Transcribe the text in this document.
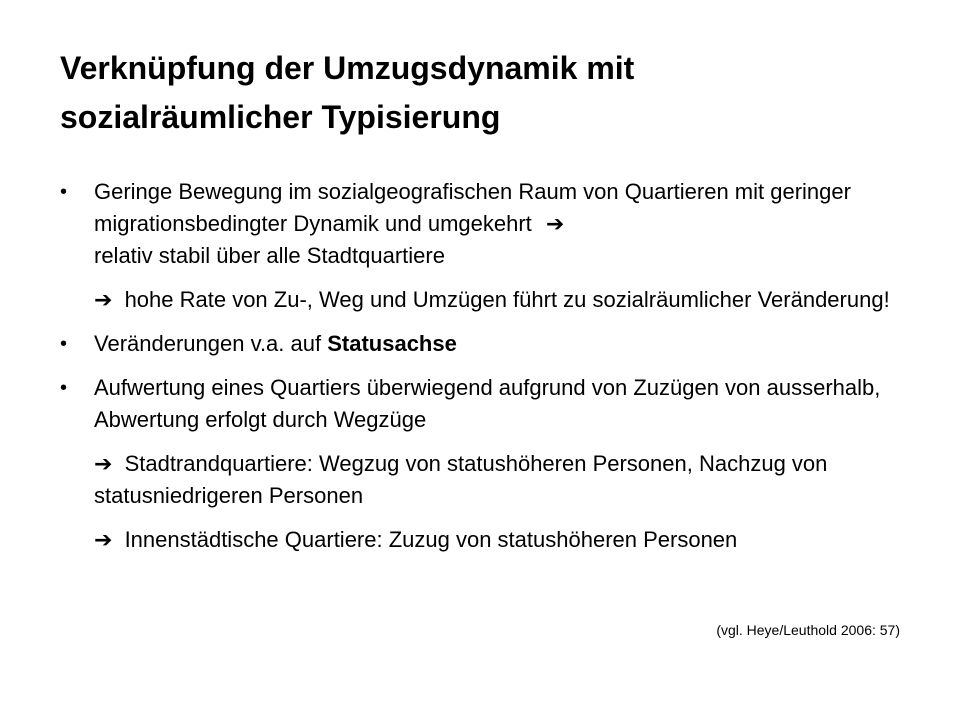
Verknüpfung der Umzugsdynamik mit
sozialräumlicher Typisierung
•	Geringe Bewegung im sozialgeografischen Raum von Quartieren mit geringer migrationsbedingter Dynamik und umgekehrt ➔
relativ stabil über alle Stadtquartiere
➔ hohe Rate von Zu-, Weg und Umzügen führt zu sozialräumlicher Veränderung!
•	Veränderungen v.a. auf Statusachse
•	Aufwertung eines Quartiers überwiegend aufgrund von Zuzügen von ausserhalb, Abwertung erfolgt durch Wegzüge
➔ Stadtrandquartiere: Wegzug von statushöheren Personen, Nachzug von statusniedrigeren Personen
➔ Innenstädtische Quartiere: Zuzug von statushöheren Personen
(vgl. Heye/Leuthold 2006: 57)
